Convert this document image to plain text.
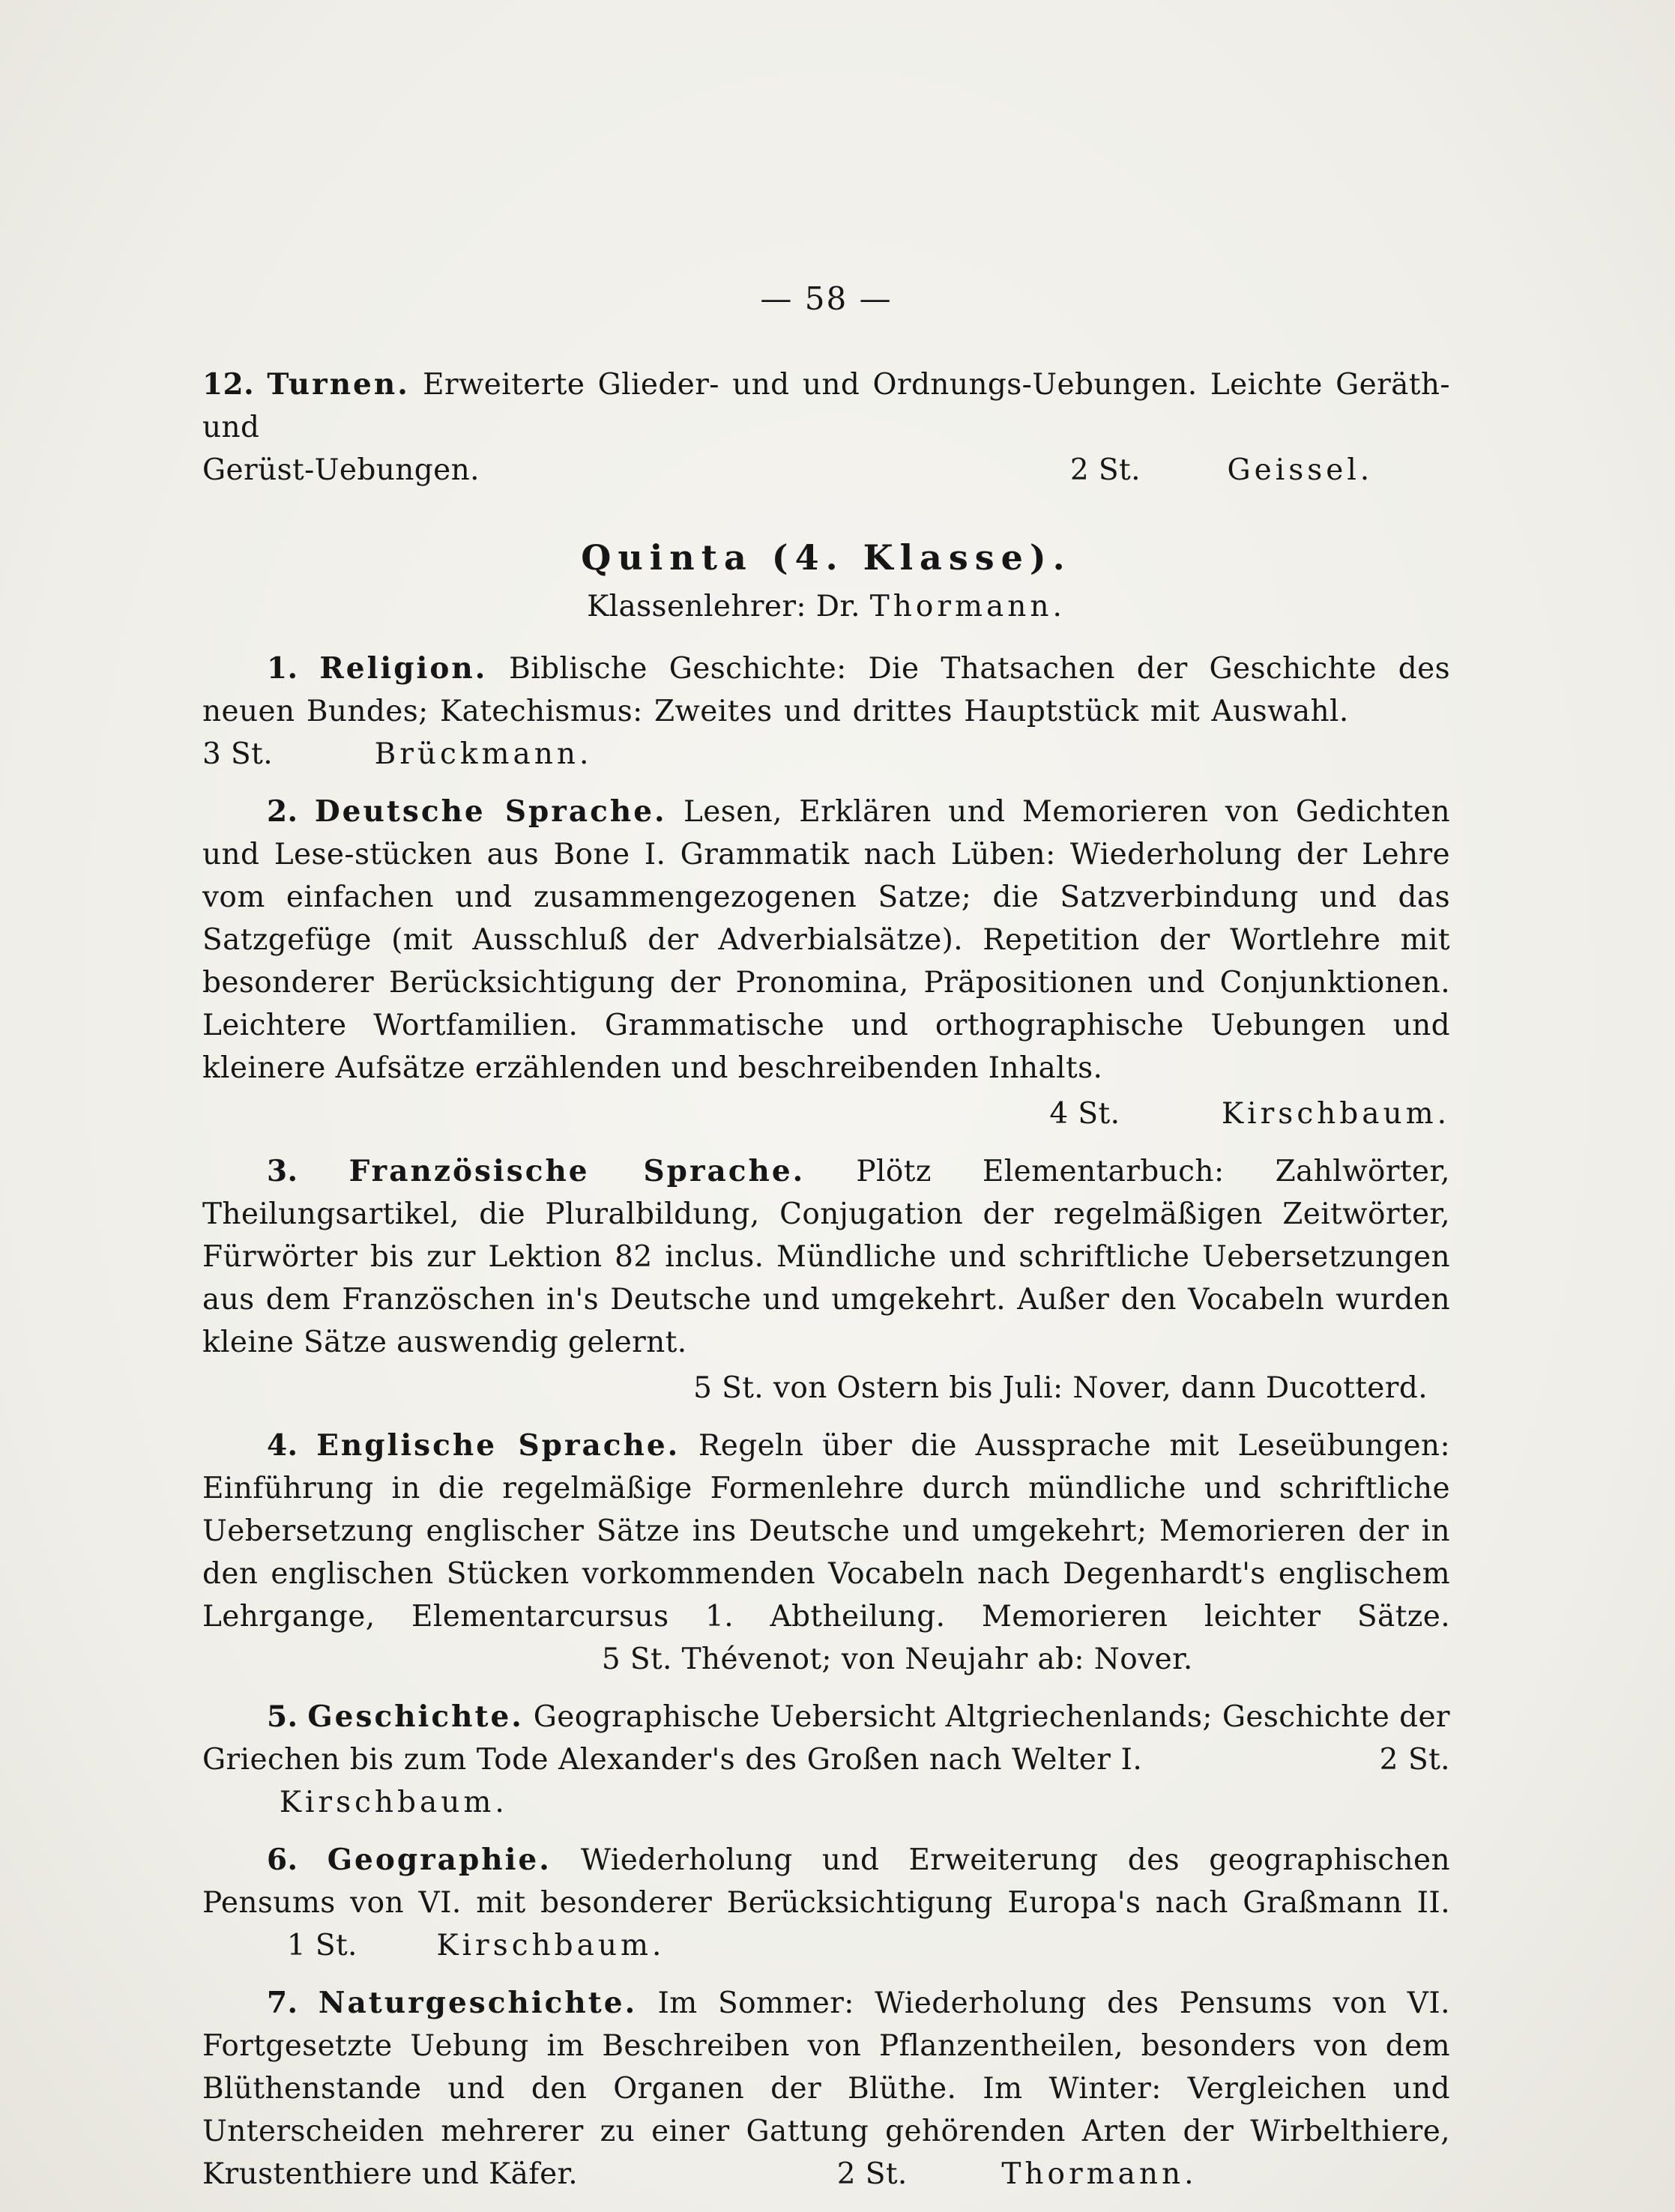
— 58 —
12. Turnen. Erweiterte Glieder- und und Ordnungs-Uebungen. Leichte Geräth- und
Gerüst-Uebungen.	2 St.	Geissel.
Quinta (4. Klasse).
Klassenlehrer: Dr. Thormann.
1. Religion. Biblische Geschichte: Die Thatsachen der Geschichte des neuen Bundes; Katechismus: Zweites und drittes Hauptstück mit Auswahl.  3 St.	Brückmann.
2. Deutsche Sprache. Lesen, Erklären und Memorieren von Gedichten und Lese-stücken aus Bone I. Grammatik nach Lüben: Wiederholung der Lehre vom einfachen und zusammengezogenen Satze; die Satzverbindung und das Satzgefüge (mit Ausschluß der Adverbialsätze). Repetition der Wortlehre mit besonderer Berücksichtigung der Pronomina, Präpositionen und Conjunktionen. Leichtere Wortfamilien. Grammatische und orthographische Uebungen und kleinere Aufsätze erzählenden und beschreibenden Inhalts.
4 St.	Kirschbaum.
3. Französische Sprache. Plötz Elementarbuch: Zahlwörter, Theilungsartikel, die Pluralbildung, Conjugation der regelmäßigen Zeitwörter, Fürwörter bis zur Lektion 82 inclus. Mündliche und schriftliche Uebersetzungen aus dem Französchen in's Deutsche und umgekehrt. Außer den Vocabeln wurden kleine Sätze auswendig gelernt.
5 St. von Ostern bis Juli: Nover, dann Ducotterd.
4. Englische Sprache. Regeln über die Aussprache mit Leseübungen: Einführung in die regelmäßige Formenlehre durch mündliche und schriftliche Uebersetzung englischer Sätze ins Deutsche und umgekehrt; Memorieren der in den englischen Stücken vorkommenden Vocabeln nach Degenhardt's englischem Lehrgange, Elementarcursus 1. Abtheilung. Memorieren leichter Sätze.  5 St. Thévenot; von Neujahr ab: Nover.
5. Geschichte. Geographische Uebersicht Altgriechenlands; Geschichte der Griechen bis zum Tode Alexander's des Großen nach Welter I.	2 St.  Kirschbaum.
6. Geographie. Wiederholung und Erweiterung des geographischen Pensums von VI. mit besonderer Berücksichtigung Europa's nach Graßmann II.  1 St.	Kirschbaum.
7. Naturgeschichte. Im Sommer: Wiederholung des Pensums von VI. Fortgesetzte Uebung im Beschreiben von Pflanzentheilen, besonders von dem Blüthenstande und den Organen der Blüthe. Im Winter: Vergleichen und Unterscheiden mehrerer zu einer Gattung gehörenden Arten der Wirbelthiere, Krustenthiere und Käfer.	2 St.	Thormann.
